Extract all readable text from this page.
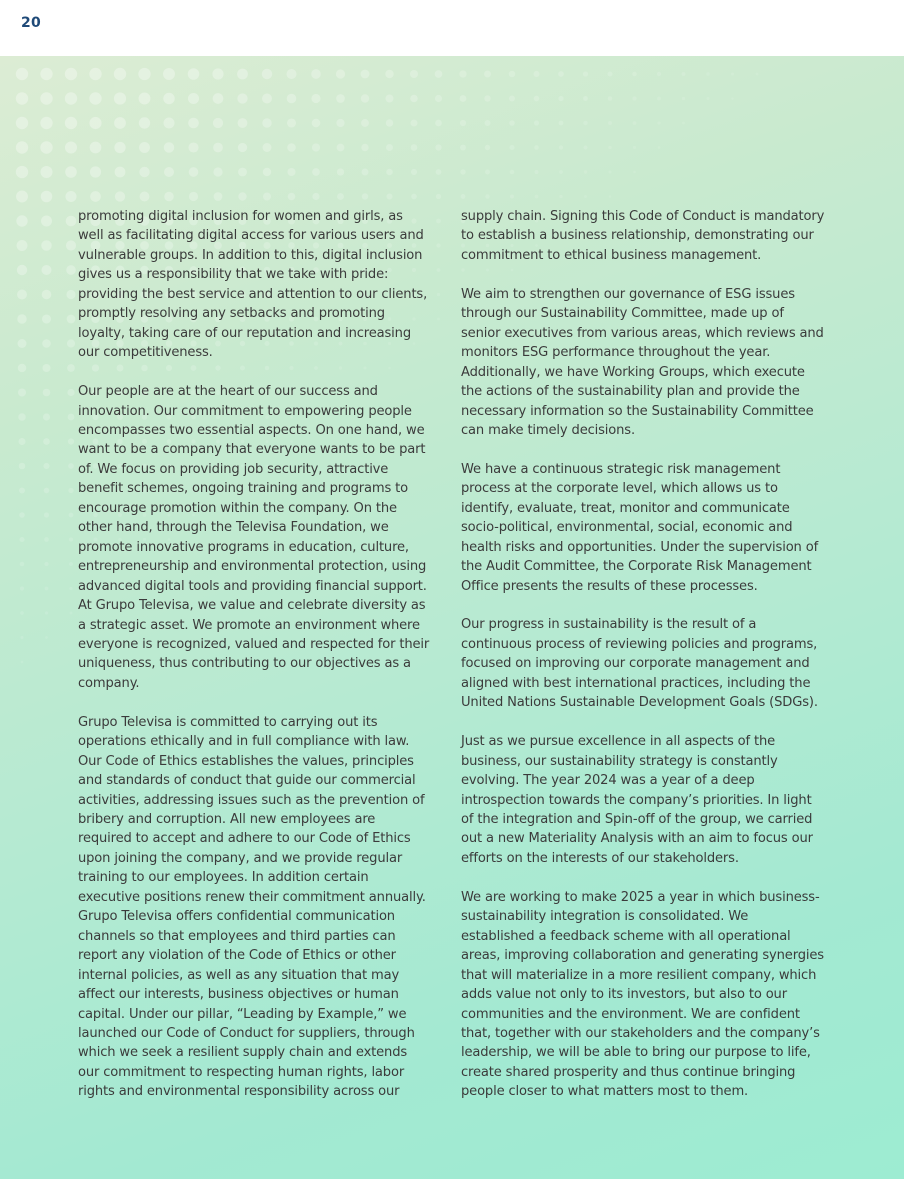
20

promoting digital inclusion for women and girls, as well as facilitating digital access for various users and vulnerable groups. In addition to this, digital inclusion gives us a responsibility that we take with pride: providing the best service and attention to our clients, promptly resolving any setbacks and promoting loyalty, taking care of our reputation and increasing our competitiveness.

Our people are at the heart of our success and innovation. Our commitment to empowering people encompasses two essential aspects. On one hand, we want to be a company that everyone wants to be part of. We focus on providing job security, attractive benefit schemes, ongoing training and programs to encourage promotion within the company. On the other hand, through the Televisa Foundation, we promote innovative programs in education, culture, entrepreneurship and environmental protection, using advanced digital tools and providing financial support. At Grupo Televisa, we value and celebrate diversity as a strategic asset. We promote an environment where everyone is recognized, valued and respected for their uniqueness, thus contributing to our objectives as a company.

Grupo Televisa is committed to carrying out its operations ethically and in full compliance with law. Our Code of Ethics establishes the values, principles and standards of conduct that guide our commercial activities, addressing issues such as the prevention of bribery and corruption. All new employees are required to accept and adhere to our Code of Ethics upon joining the company, and we provide regular training to our employees. In addition certain executive positions renew their commitment annually. Grupo Televisa offers confidential communication channels so that employees and third parties can report any violation of the Code of Ethics or other internal policies, as well as any situation that may affect our interests, business objectives or human capital. Under our pillar, “Leading by Example,” we launched our Code of Conduct for suppliers, through which we seek a resilient supply chain and extends our commitment to respecting human rights, labor rights and environmental responsibility across our

supply chain. Signing this Code of Conduct is mandatory to establish a business relationship, demonstrating our commitment to ethical business management.

We aim to strengthen our governance of ESG issues through our Sustainability Committee, made up of senior executives from various areas, which reviews and monitors ESG performance throughout the year. Additionally, we have Working Groups, which execute the actions of the sustainability plan and provide the necessary information so the Sustainability Committee can make timely decisions.

We have a continuous strategic risk management process at the corporate level, which allows us to identify, evaluate, treat, monitor and communicate socio-political, environmental, social, economic and health risks and opportunities. Under the supervision of the Audit Committee, the Corporate Risk Management Office presents the results of these processes.

Our progress in sustainability is the result of a continuous process of reviewing policies and programs, focused on improving our corporate management and aligned with best international practices, including the United Nations Sustainable Development Goals (SDGs).

Just as we pursue excellence in all aspects of the business, our sustainability strategy is constantly evolving. The year 2024 was a year of a deep introspection towards the company’s priorities. In light of the integration and Spin-off of the group, we carried out a new Materiality Analysis with an aim to focus our efforts on the interests of our stakeholders.

We are working to make 2025 a year in which business-sustainability integration is consolidated. We established a feedback scheme with all operational areas, improving collaboration and generating synergies that will materialize in a more resilient company, which adds value not only to its investors, but also to our communities and the environment. We are confident that, together with our stakeholders and the company’s leadership, we will be able to bring our purpose to life, create shared prosperity and thus continue bringing people closer to what matters most to them.
